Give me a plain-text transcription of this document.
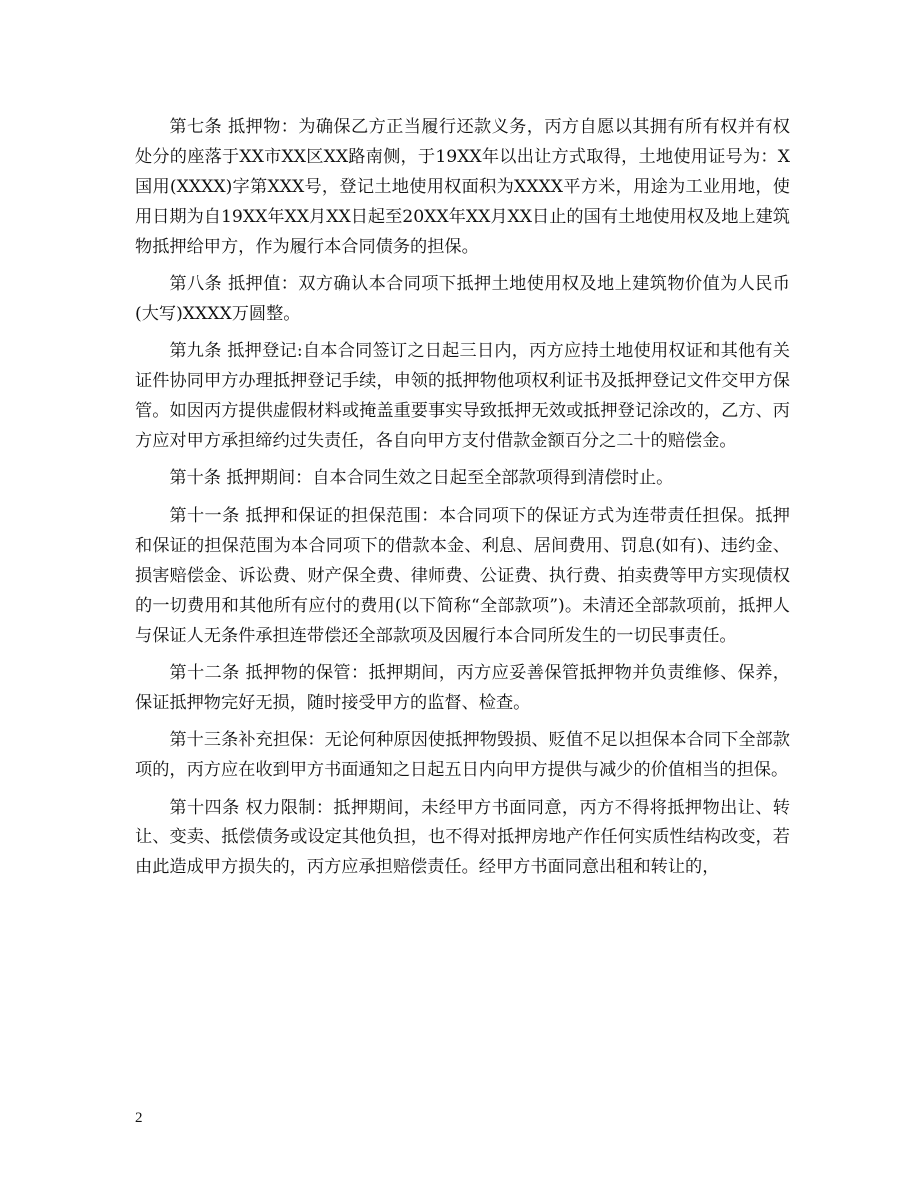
第七条 抵押物：为确保乙方正当履行还款义务，丙方自愿以其拥有所有权并有权处分的座落于XX市XX区XX路南侧，于19XX年以出让方式取得，土地使用证号为：X国用(XXXX)字第XXX号，登记土地使用权面积为XXXX平方米，用途为工业用地，使用日期为自19XX年XX月XX日起至20XX年XX月XX日止的国有土地使用权及地上建筑物抵押给甲方，作为履行本合同债务的担保。

第八条 抵押值：双方确认本合同项下抵押土地使用权及地上建筑物价值为人民币(大写)XXXX万圆整。

第九条 抵押登记:自本合同签订之日起三日内，丙方应持土地使用权证和其他有关证件协同甲方办理抵押登记手续，申领的抵押物他项权利证书及抵押登记文件交甲方保管。如因丙方提供虚假材料或掩盖重要事实导致抵押无效或抵押登记涂改的，乙方、丙方应对甲方承担缔约过失责任，各自向甲方支付借款金额百分之二十的赔偿金。

第十条 抵押期间：自本合同生效之日起至全部款项得到清偿时止。

第十一条 抵押和保证的担保范围：本合同项下的保证方式为连带责任担保。抵押和保证的担保范围为本合同项下的借款本金、利息、居间费用、罚息(如有)、违约金、损害赔偿金、诉讼费、财产保全费、律师费、公证费、执行费、拍卖费等甲方实现债权的一切费用和其他所有应付的费用(以下简称“全部款项”)。未清还全部款项前，抵押人与保证人无条件承担连带偿还全部款项及因履行本合同所发生的一切民事责任。

第十二条 抵押物的保管：抵押期间，丙方应妥善保管抵押物并负责维修、保养，保证抵押物完好无损，随时接受甲方的监督、检查。

第十三条补充担保：无论何种原因使抵押物毁损、贬值不足以担保本合同下全部款项的，丙方应在收到甲方书面通知之日起五日内向甲方提供与减少的价值相当的担保。

第十四条 权力限制：抵押期间，未经甲方书面同意，丙方不得将抵押物出让、转让、变卖、抵偿债务或设定其他负担，也不得对抵押房地产作任何实质性结构改变，若由此造成甲方损失的，丙方应承担赔偿责任。经甲方书面同意出租和转让的，

2
